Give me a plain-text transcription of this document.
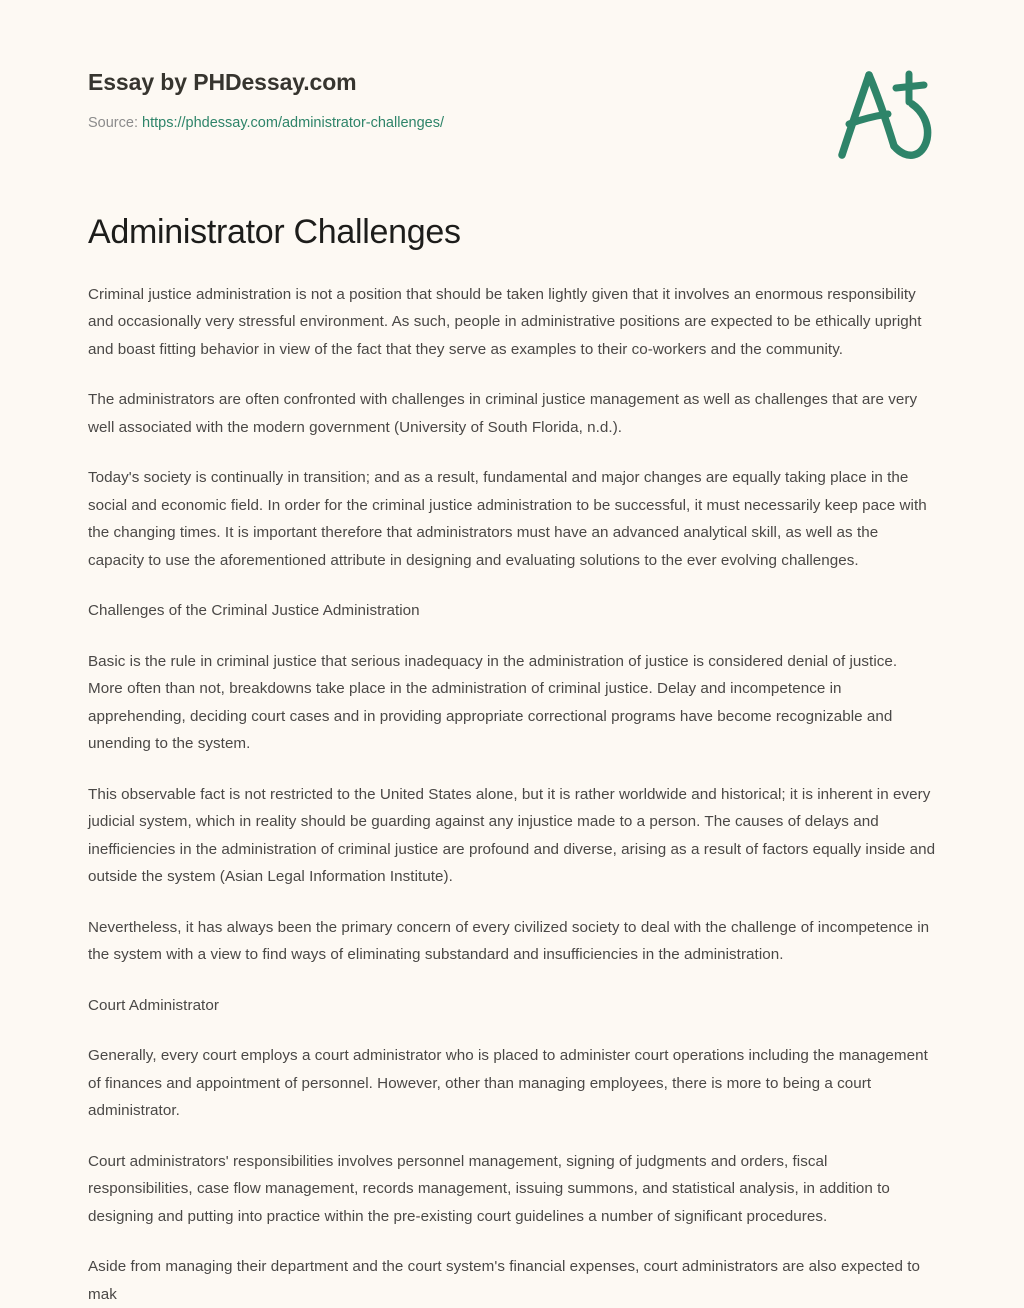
Essay by PHDessay.com
Source: https://phdessay.com/administrator-challenges/
Administrator Challenges

Criminal justice administration is not a position that should be taken lightly given that it involves an enormous responsibility and occasionally very stressful environment. As such, people in administrative positions are expected to be ethically upright and boast fitting behavior in view of the fact that they serve as examples to their co-workers and the community.

The administrators are often confronted with challenges in criminal justice management as well as challenges that are very well associated with the modern government (University of South Florida, n.d.).

Today's society is continually in transition; and as a result, fundamental and major changes are equally taking place in the social and economic field. In order for the criminal justice administration to be successful, it must necessarily keep pace with the changing times. It is important therefore that administrators must have an advanced analytical skill, as well as the capacity to use the aforementioned attribute in designing and evaluating solutions to the ever evolving challenges.

Challenges of the Criminal Justice Administration

Basic is the rule in criminal justice that serious inadequacy in the administration of justice is considered denial of justice. More often than not, breakdowns take place in the administration of criminal justice. Delay and incompetence in apprehending, deciding court cases and in providing appropriate correctional programs have become recognizable and unending to the system.

This observable fact is not restricted to the United States alone, but it is rather worldwide and historical; it is inherent in every judicial system, which in reality should be guarding against any injustice made to a person. The causes of delays and inefficiencies in the administration of criminal justice are profound and diverse, arising as a result of factors equally inside and outside the system (Asian Legal Information Institute).

Nevertheless, it has always been the primary concern of every civilized society to deal with the challenge of incompetence in the system with a view to find ways of eliminating substandard and insufficiencies in the administration.

Court Administrator

Generally, every court employs a court administrator who is placed to administer court operations including the management of finances and appointment of personnel. However, other than managing employees, there is more to being a court administrator.

Court administrators' responsibilities involves personnel management, signing of judgments and orders, fiscal responsibilities, case flow management, records management, issuing summons, and statistical analysis, in addition to designing and putting into practice within the pre-existing court guidelines a number of significant procedures.

Aside from managing their department and the court system's financial expenses, court administrators are also expected to mak
